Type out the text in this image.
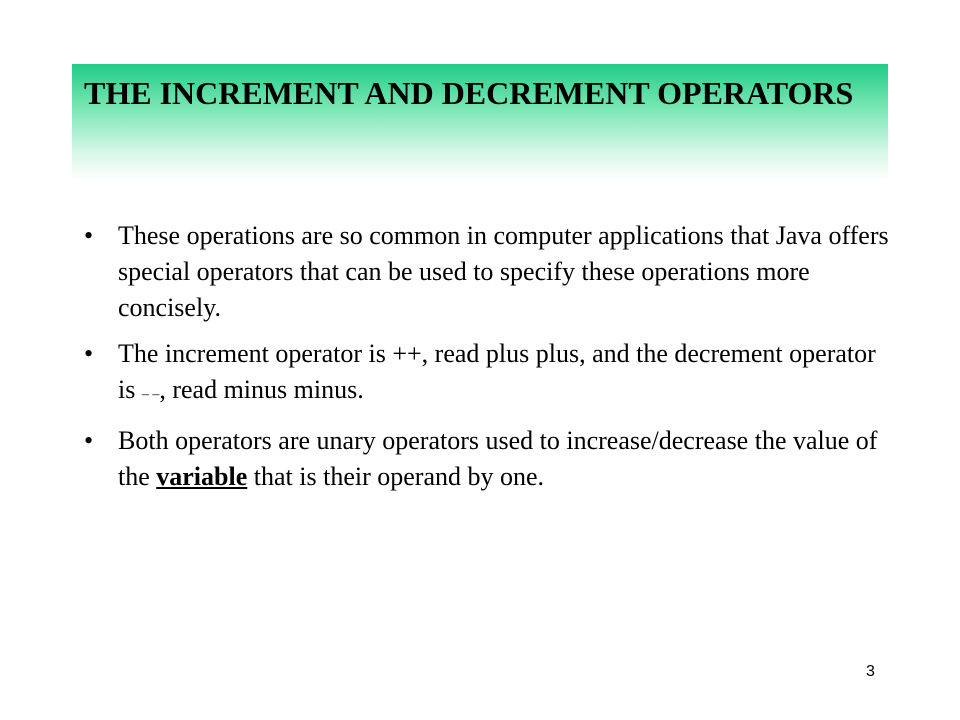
THE INCREMENT AND DECREMENT OPERATORS
• These operations are so common in computer applications that Java offers special operators that can be used to specify these operations more concisely.
• The increment operator is ++, read plus plus, and the decrement operator is – –, read minus minus.
• Both operators are unary operators used to increase/decrease the value of the variable that is their operand by one.
3
